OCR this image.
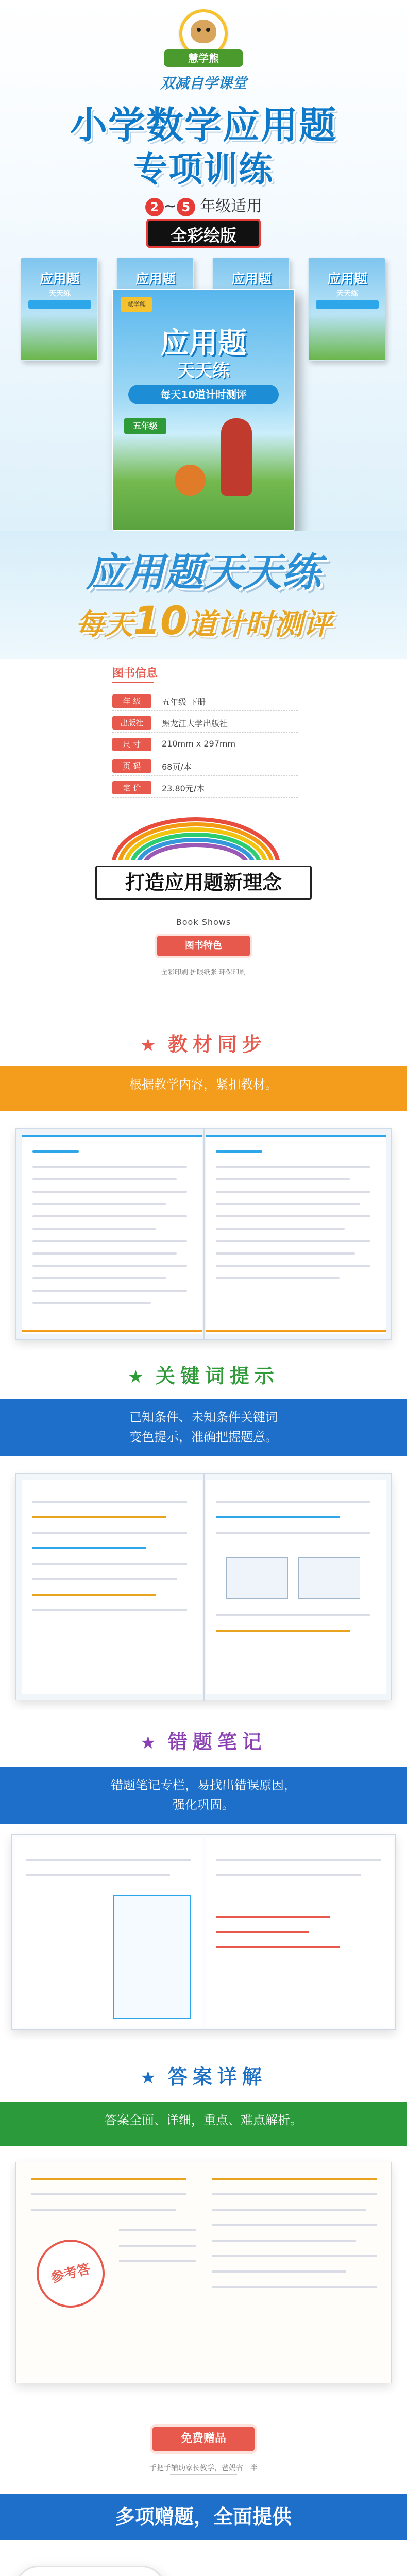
慧学熊
双减自学课堂
小学数学应用题
专项训练
2 ~ 5 年级适用
全彩绘版
应用题
天天练
应用题	应用题	应用题
天天练
慧学熊
应用题
天天练
每天10道计时测评
五年级
应用题天天练
每天10道计时测评
图书信息
年 级	五年级 下册
出版社	黑龙江大学出版社
尺 寸	210mm x 297mm
页 码	68页/本
定 价	23.80元/本
打造应用题新理念
Book Shows
图书特色
全彩印刷 护眼纸张 环保印刷
★ 教材同步
根据教学内容，紧扣教材。
★ 关键词提示
已知条件、未知条件关键词
变色提示，准确把握题意。
★ 错题笔记
错题笔记专栏，易找出错误原因，
强化巩固。
★ 答案详解
答案全面、详细，重点、难点解析。
参考答
免费赠品
手把手辅助家长教学，爸妈省一半
多项赠题，全面提供
